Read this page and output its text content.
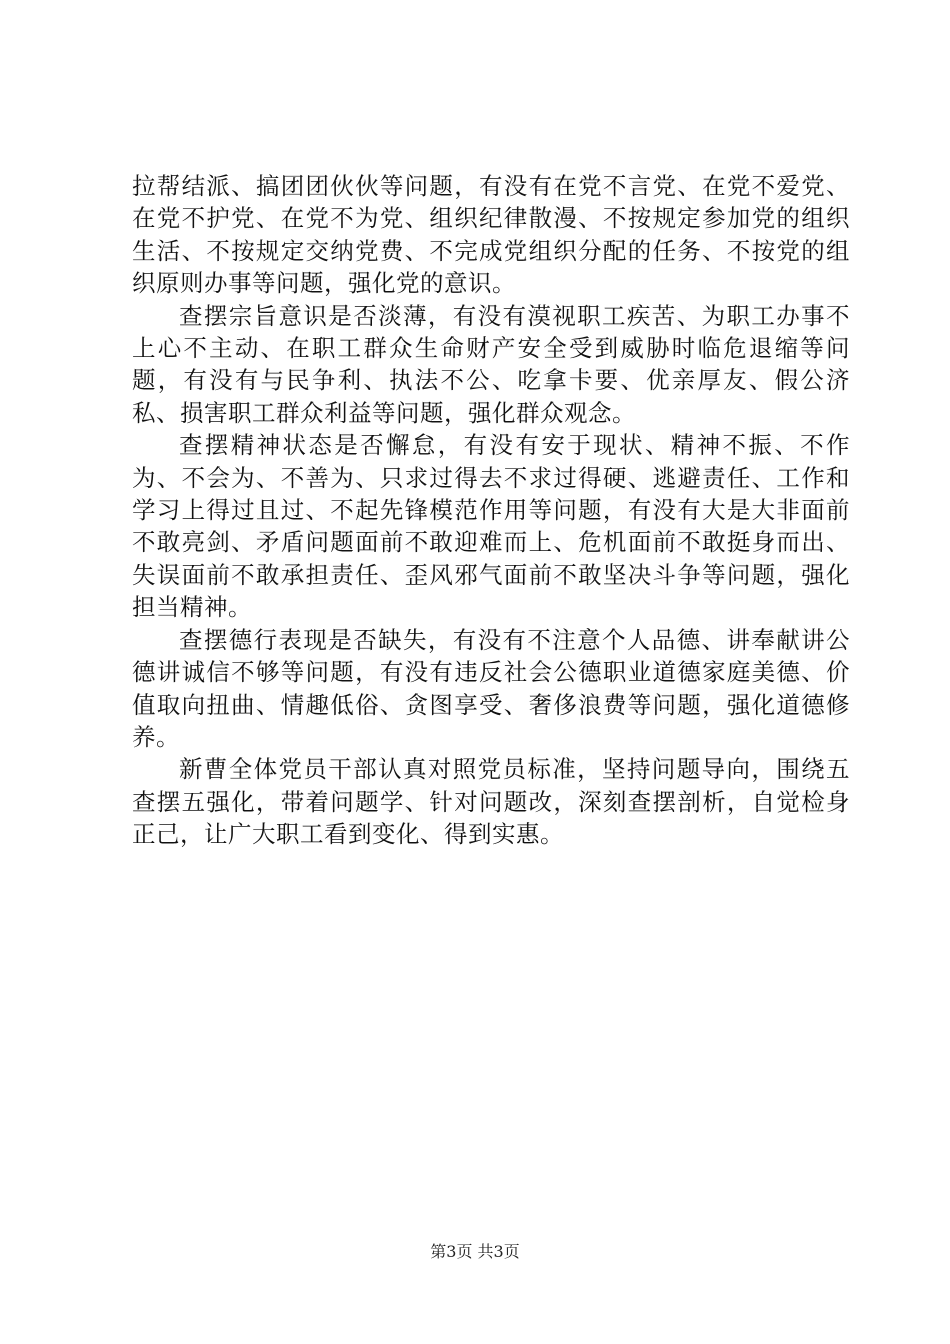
拉帮结派、搞团团伙伙等问题，有没有在党不言党、在党不爱党、在党不护党、在党不为党、组织纪律散漫、不按规定参加党的组织生活、不按规定交纳党费、不完成党组织分配的任务、不按党的组织原则办事等问题，强化党的意识。

查摆宗旨意识是否淡薄，有没有漠视职工疾苦、为职工办事不上心不主动、在职工群众生命财产安全受到威胁时临危退缩等问题，有没有与民争利、执法不公、吃拿卡要、优亲厚友、假公济私、损害职工群众利益等问题，强化群众观念。

查摆精神状态是否懈怠，有没有安于现状、精神不振、不作为、不会为、不善为、只求过得去不求过得硬、逃避责任、工作和学习上得过且过、不起先锋模范作用等问题，有没有大是大非面前不敢亮剑、矛盾问题面前不敢迎难而上、危机面前不敢挺身而出、失误面前不敢承担责任、歪风邪气面前不敢坚决斗争等问题，强化担当精神。

查摆德行表现是否缺失，有没有不注意个人品德、讲奉献讲公德讲诚信不够等问题，有没有违反社会公德职业道德家庭美德、价值取向扭曲、情趣低俗、贪图享受、奢侈浪费等问题，强化道德修养。

新曹全体党员干部认真对照党员标准，坚持问题导向，围绕五查摆五强化，带着问题学、针对问题改，深刻查摆剖析，自觉检身正己，让广大职工看到变化、得到实惠。

第3页 共3页
